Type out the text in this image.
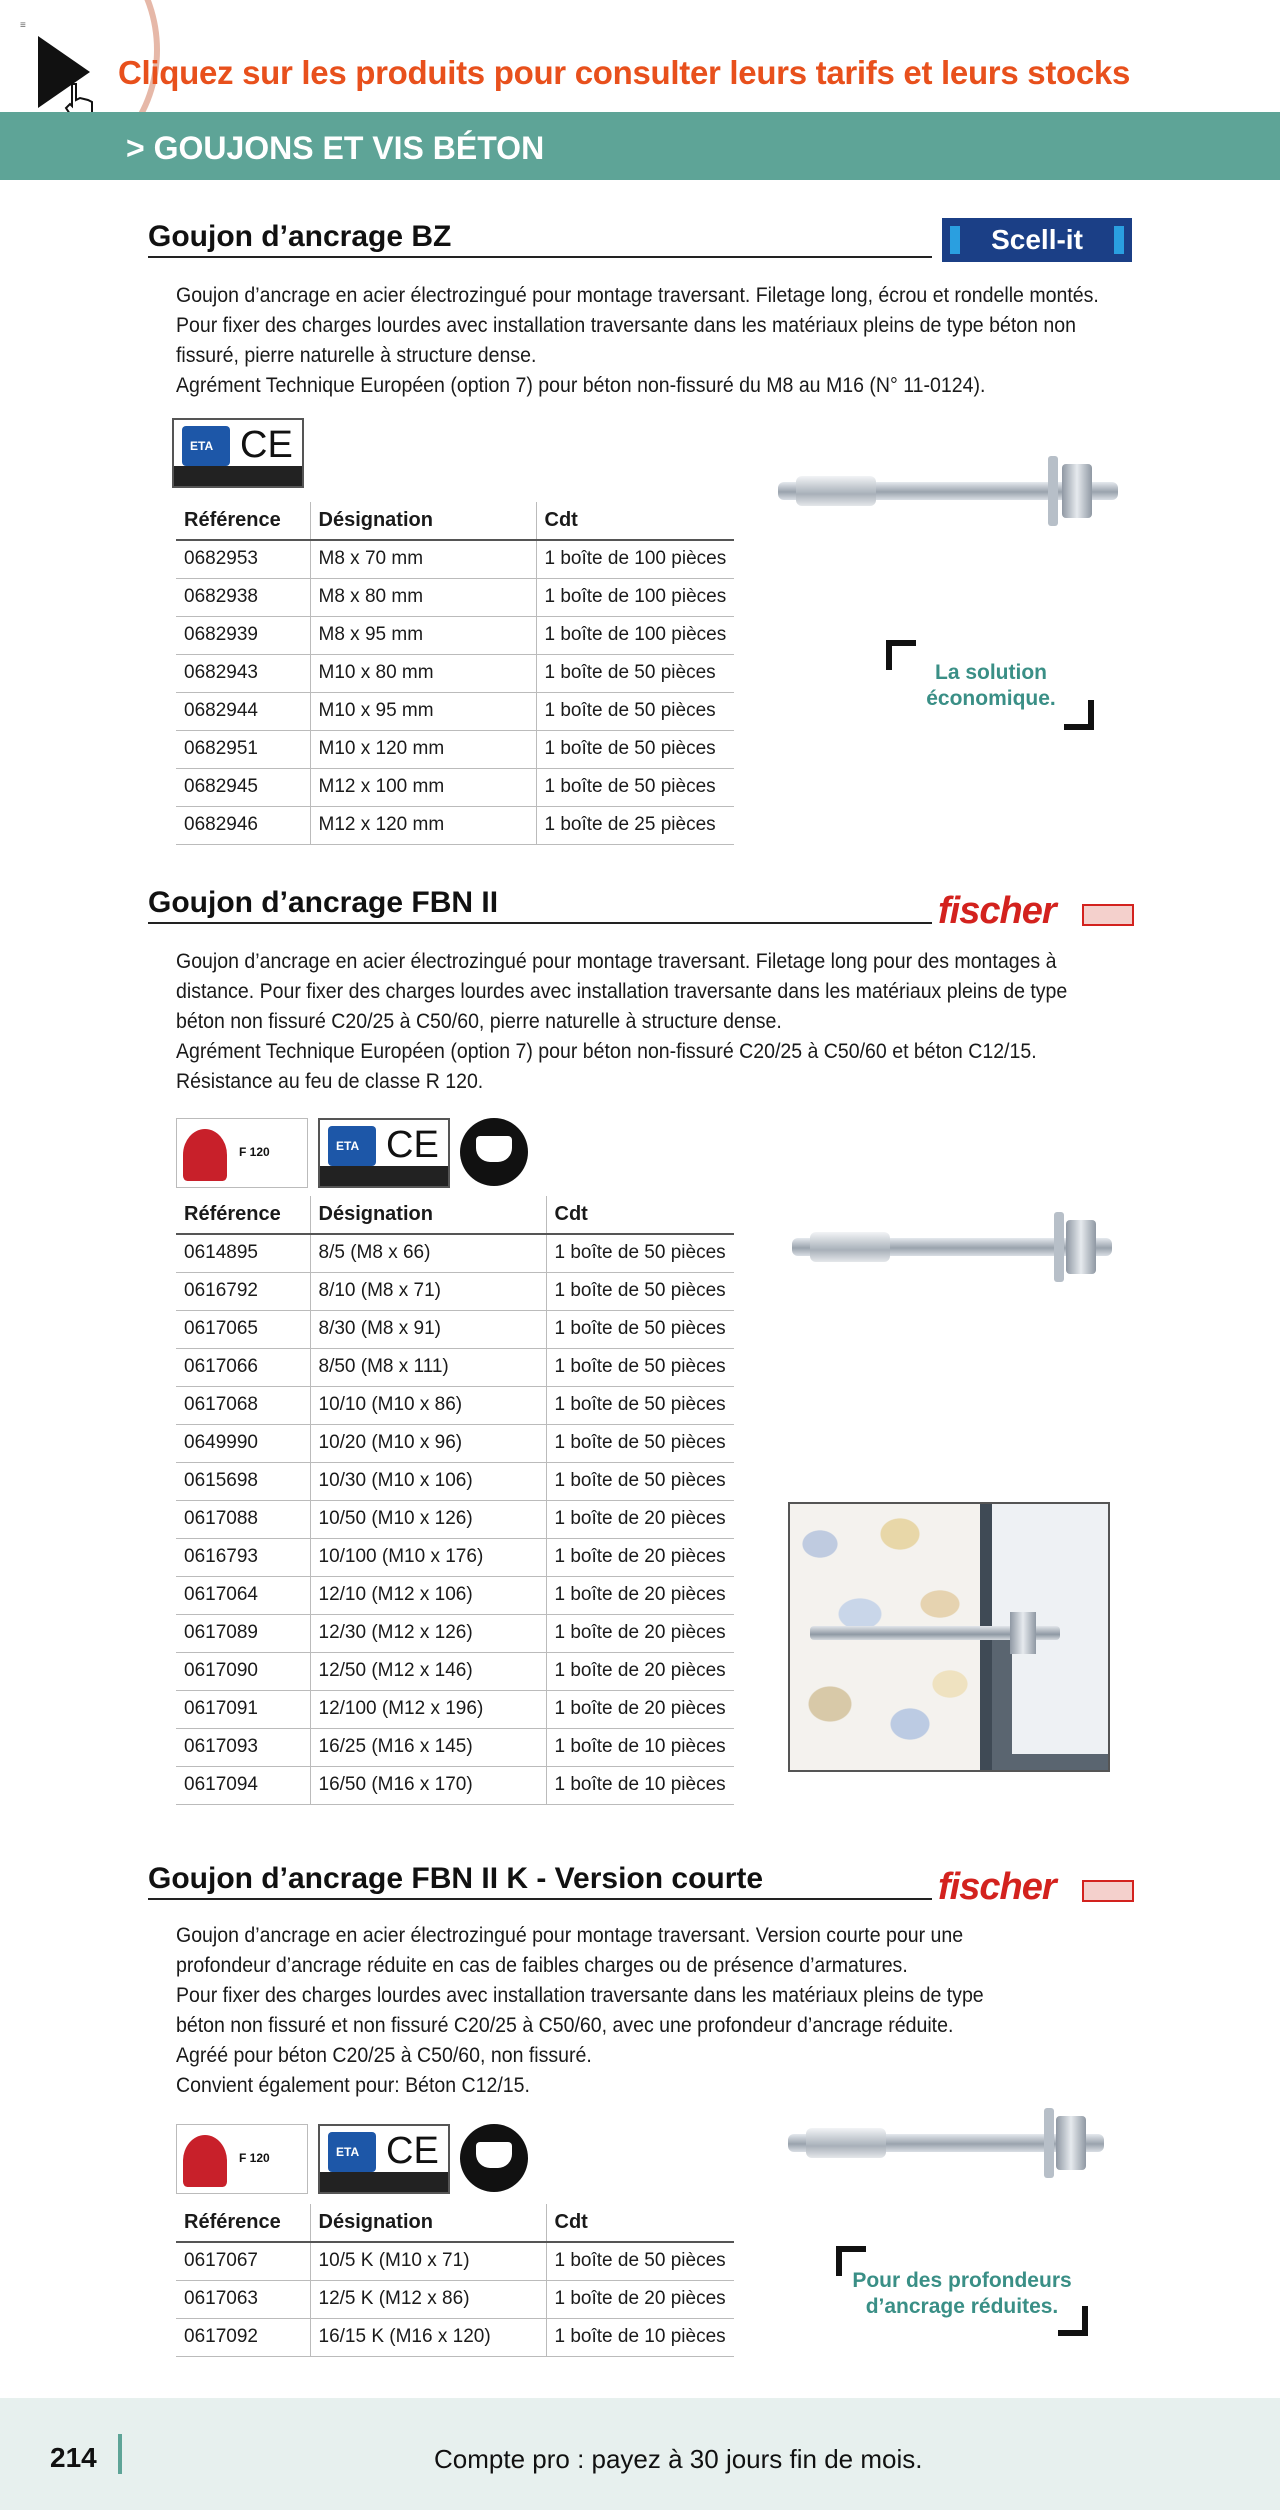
≡
Cliquez sur les produits pour consulter leurs tarifs et leurs stocks
> GOUJONS ET VIS BÉTON
Goujon d’ancrage BZ	Scell-it

Goujon d’ancrage en acier électrozingué pour montage traversant. Filetage long, écrou et rondelle montés.

Pour fixer des charges lourdes avec installation traversante dans les matériaux pleins de type béton non

fissuré, pierre naturelle à structure dense.

Agrément Technique Européen (option 7) pour béton non-fissuré du M8 au M16 (N° 11-0124).

ETA
CE
Référence	Désignation	Cdt
0682953	M8 x 70 mm	1 boîte de 100 pièces
0682938	M8 x 80 mm	1 boîte de 100 pièces
0682939	M8 x 95 mm	1 boîte de 100 pièces
0682943	M10 x 80 mm	1 boîte de 50 pièces
0682944	M10 x 95 mm	1 boîte de 50 pièces
0682951	M10 x 120 mm	1 boîte de 50 pièces
0682945	M12 x 100 mm	1 boîte de 50 pièces
0682946	M12 x 120 mm	1 boîte de 25 pièces
La solution
économique.
Goujon d’ancrage FBN II	fischer

Goujon d’ancrage en acier électrozingué pour montage traversant. Filetage long pour des montages à

distance. Pour fixer des charges lourdes avec installation traversante dans les matériaux pleins de type

béton non fissuré C20/25 à C50/60, pierre naturelle à structure dense.

Agrément Technique Européen (option 7) pour béton non-fissuré C20/25 à C50/60 et béton C12/15.

Résistance au feu de classe R 120.

F 120 ETA	CE
Référence	Désignation	Cdt
0614895	8/5 (M8 x 66)	1 boîte de 50 pièces
0616792	8/10 (M8 x 71)	1 boîte de 50 pièces
0617065	8/30 (M8 x 91)	1 boîte de 50 pièces
0617066	8/50 (M8 x 111)	1 boîte de 50 pièces
0617068	10/10 (M10 x 86)	1 boîte de 50 pièces
0649990	10/20 (M10 x 96)	1 boîte de 50 pièces
0615698	10/30 (M10 x 106)	1 boîte de 50 pièces
0617088	10/50 (M10 x 126)	1 boîte de 20 pièces
0616793	10/100 (M10 x 176)	1 boîte de 20 pièces
0617064	12/10 (M12 x 106)	1 boîte de 20 pièces
0617089	12/30 (M12 x 126)	1 boîte de 20 pièces
0617090	12/50 (M12 x 146)	1 boîte de 20 pièces
0617091	12/100 (M12 x 196)	1 boîte de 20 pièces
0617093	16/25 (M16 x 145)	1 boîte de 10 pièces
0617094	16/50 (M16 x 170)	1 boîte de 10 pièces
Goujon d’ancrage FBN II K - Version courte	fischer

Goujon d’ancrage en acier électrozingué pour montage traversant. Version courte pour une

profondeur d’ancrage réduite en cas de faibles charges ou de présence d’armatures.

Pour fixer des charges lourdes avec installation traversante dans les matériaux pleins de type

béton non fissuré et non fissuré C20/25 à C50/60, avec une profondeur d’ancrage réduite.

Agréé pour béton C20/25 à C50/60, non fissuré.

Convient également pour: Béton C12/15.

F 120 ETA	CE
Référence	Désignation	Cdt
0617067	10/5 K (M10 x 71)	1 boîte de 50 pièces
0617063	12/5 K (M12 x 86)	1 boîte de 20 pièces
0617092	16/15 K (M16 x 120)	1 boîte de 10 pièces
Pour des profondeurs
d’ancrage réduites.
214	Compte pro : payez à 30 jours fin de mois.
